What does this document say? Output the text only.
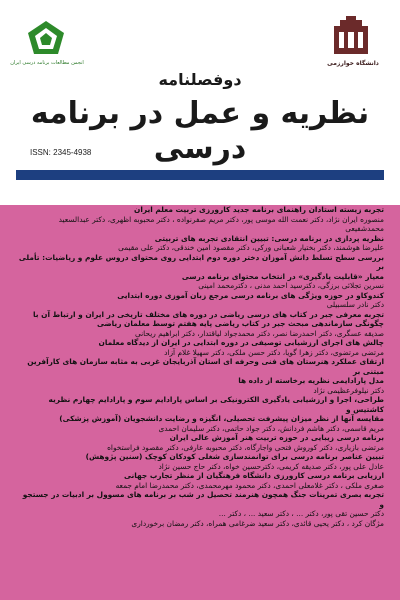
انجمن مطالعات برنامه درسی ایران	دانشگاه خوارزمی
دوفصلنامه
نظریه و عمل در برنامه درسی
ISSN: 2345-4938
نشریه علمی پژوهشی دانشگاه خوارزمی با همکاری انجمن مطالعات برنامه درسی ایران
سال هشتم، شماره ۱۵، بهار و تابستان ۱۳۹۹، بها ۴۰۰۰۰ ریال
تجربه زیسته استادان راهنمای برنامه جدید کارورزی تربیت معلم ایران
منصوره ایران نژاد، دکتر نعمت الله موسی پور، دکتر مریم صفرنواده ، دکتر محبوبه اظهری، دکتر عبدالسعید
محمدشفیعی
نظریه پردازی در برنامه درسی: تبیین انتقادی تجربه های تربیتی
علیرضا هوشمند، دکتر بختیار شعبانی ورکی، دکتر مقصود امین خندقی، دکتر علی مقیمی
بررسی سطح تسلط دانش آموزان دختر دوره دوم ابتدایی روی محتوای دروس علوم و ریاضیات: تأملی بر
معیار «قابلیت یادگیری» در انتخاب محتوای برنامه درسی
نسرین تجلائی برزگی، دکترسید احمد مدنی ، دکترمحمد امینی
کندوکاو در حوزه ویژگی های برنامه درسی مرجع زبان آموزی دوره ابتدایی
دکتر نادر سلسبیلی
تجربه معرفی جبر در کتاب های درسی ریاضی در دوره های مختلف تاریخی در ایران و ارتباط آن با
چگونگی سازماندهی مبحث جبر در کتاب ریاضی پایه هفتم توسط معلمان ریاضی
صدیقه عسگری، دکتر احمدرضا نصر، دکتر محمدجواد لیاقتدار، دکتر ابراهیم ریحانی
چالش های اجرای ارزشیابی توصیفی در دوره ابتدایی در ایران از دیدگاه معلمان
مرتضی مرتضوی، دکتر زهرا گویا، دکتر حسن ملکی، دکتر سهیلا غلام آزاد
ارتقای عملکرد هنرستان های فنی وحرفه ای استان آذربایجان غربی به مثابه سازمان های کارآفرین مبتنی بر
مدل پارادایمی نظریه برخاسته از داده ها
دکتر نیلوفرعظیمی نژاد
طراحی، اجرا و ارزشیابی یادگیری الکترونیکی بر اساس پارادایم سوم و پارادایم چهارم نظریه کاشتیس و
مقایسه آنها از نظر میزان پیشرفت تحصیلی، انگیزه و رضایت دانشجویان (آموزش پزشکی)
مریم قاسمی، دکتر هاشم فردانش، دکتر جواد حاتمی، دکتر سلیمان احمدی
برنامه درسی زیبایی در حوزه تربیت هنر آموزش عالی ایران
مرتضی بازیاری، دکتر کوروش فتحی واجارگاه، دکتر محبوبه عارفی، دکتر مقصود فراستخواه
تبیین عناصر برنامه درسی برای توانمندسازی شغلی کودکان کوچک (سنین پژوهش)
عادل علی پور، دکتر صدیقه کریمی، دکترحسین خواه، دکتر حاج حسین نژاد
ارزیابی برنامه درسی کارورزی دانشگاه فرهنگیان از منظر تجارب جهانی
صغری ملکی ، دکتر غلامعلی احمدی، دکتر محمود مهرمحمدی، دکتر محمدرضا امام جمعه
تجربه بصری تمرینات جنگ همچون هنرمند تحصیل در شب بر برنامه های مسوول بر ادبیات در جستجو و
دکتر حسین تقی پور، دکتر ... ، دکتر سعید ... ، دکتر ...
مژگان کرد ، دکتر یحیی قائدی، دکتر سعید ضرغامی همراه، دکتر رمضان برخورداری
